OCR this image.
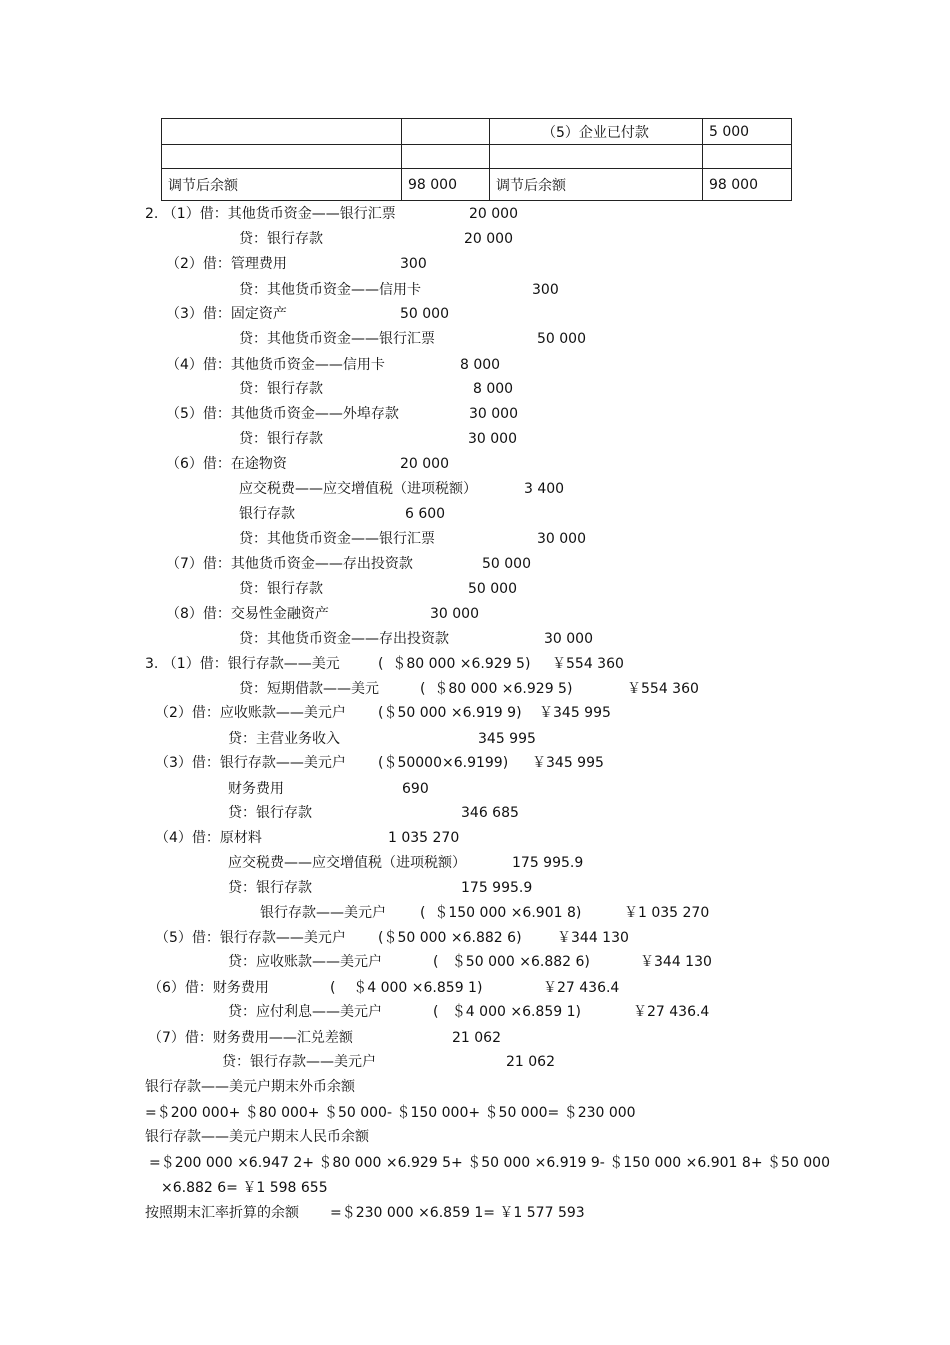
		（5）企业已付款	5 000

调节后余额	98 000	调节后余额	98 000
2. （1）借：其他货币资金——银行汇票	20 000
贷：银行存款	20 000
（2）借：管理费用	300
贷：其他货币资金——信用卡	300
（3）借：固定资产	50 000
贷：其他货币资金——银行汇票	50 000
（4）借：其他货币资金——信用卡	8 000
贷：银行存款	8 000
（5）借：其他货币资金——外埠存款	30 000
贷：银行存款	30 000
（6）借：在途物资	20 000
应交税费——应交增值税（进项税额）	3 400
银行存款	6 600
贷：其他货币资金——银行汇票	30 000
（7）借：其他货币资金——存出投资款	50 000
贷：银行存款	50 000
（8）借：交易性金融资产	30 000
贷：其他货币资金——存出投资款	30 000
3. （1）借：银行存款——美元	(  ＄80 000 ×6.929 5) ￥554 360
贷：短期借款——美元	(  ＄80 000 ×6.929 5)	￥554 360
（2）借：应收账款——美元户 (＄50 000 ×6.919 9) ￥345 995
贷：主营业务收入	345 995
（3）借：银行存款——美元户 (＄50000×6.9199) ￥345 995
财务费用	690
贷：银行存款	346 685
（4）借：原材料	1 035 270
应交税费——应交增值税（进项税额）	175 995.9
贷：银行存款	175 995.9
银行存款——美元户 (  ＄150 000 ×6.901 8)	￥1 035 270
（5）借：银行存款——美元户 (＄50 000 ×6.882 6)	￥344 130
贷：应收账款——美元户	(   ＄50 000 ×6.882 6)	￥344 130
（6）借：财务费用	(    ＄4 000 ×6.859 1)	￥27 436.4
贷：应付利息——美元户	(   ＄4 000 ×6.859 1)	￥27 436.4
（7）借：财务费用——汇兑差额	21 062
贷：银行存款——美元户	21 062
银行存款——美元户期末外币余额
=＄200 000+ ＄80 000+ ＄50 000- ＄150 000+ ＄50 000= ＄230 000
银行存款——美元户期末人民币余额
=＄200 000 ×6.947 2+ ＄80 000 ×6.929 5+ ＄50 000 ×6.919 9- ＄150 000 ×6.901 8+ ＄50 000
×6.882 6= ￥1 598 655
按照期末汇率折算的余额 =＄230 000 ×6.859 1= ￥1 577 593
